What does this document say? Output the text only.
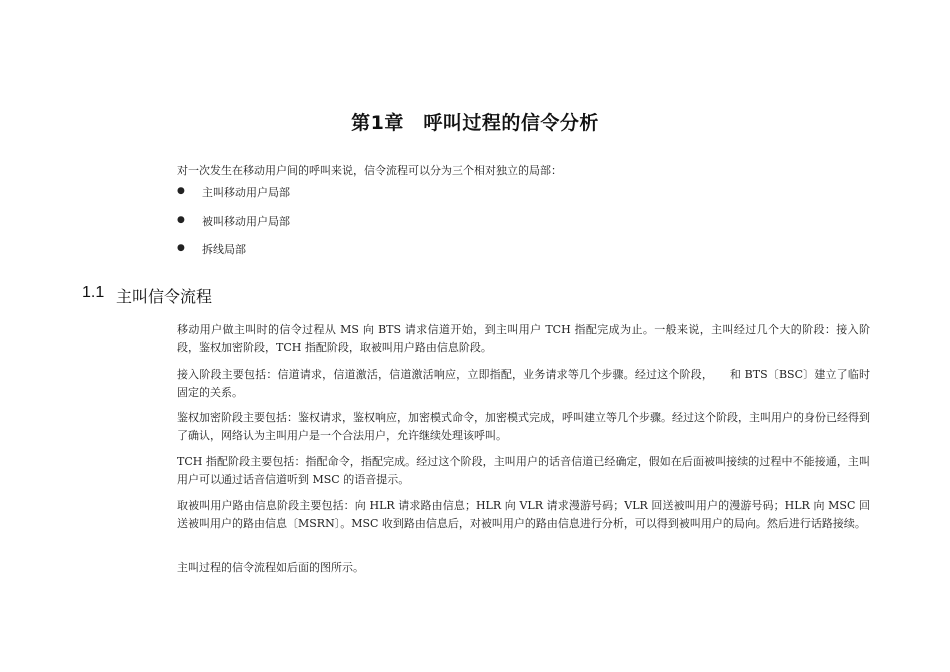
第1章　呼叫过程的信令分析
对一次发生在移动用户间的呼叫来说，信令流程可以分为三个相对独立的局部：
●	主叫移动用户局部
●	被叫移动用户局部
●	拆线局部
1.1 主叫信令流程

移动用户做主叫时的信令过程从 MS 向 BTS 请求信道开始，到主叫用户 TCH 指配完成为止。一般来说，主叫经过几个大的阶段：接入阶段，鉴权加密阶段，TCH 指配阶段，取被叫用户路由信息阶段。

接入阶段主要包括：信道请求，信道激活，信道激活响应，立即指配，业务请求等几个步骤。经过这个阶段，　　和 BTS〔BSC〕建立了临时固定的关系。

鉴权加密阶段主要包括：鉴权请求，鉴权响应，加密模式命令，加密模式完成，呼叫建立等几个步骤。经过这个阶段，主叫用户的身份已经得到了确认，网络认为主叫用户是一个合法用户，允许继续处理该呼叫。

TCH 指配阶段主要包括：指配命令，指配完成。经过这个阶段，主叫用户的话音信道已经确定，假如在后面被叫接续的过程中不能接通，主叫用户可以通过话音信道听到 MSC 的语音提示。

取被叫用户路由信息阶段主要包括：向 HLR 请求路由信息；HLR 向 VLR 请求漫游号码；VLR 回送被叫用户的漫游号码；HLR 向 MSC 回送被叫用户的路由信息〔MSRN〕。MSC 收到路由信息后，对被叫用户的路由信息进行分析，可以得到被叫用户的局向。然后进行话路接续。

主叫过程的信令流程如后面的图所示。
